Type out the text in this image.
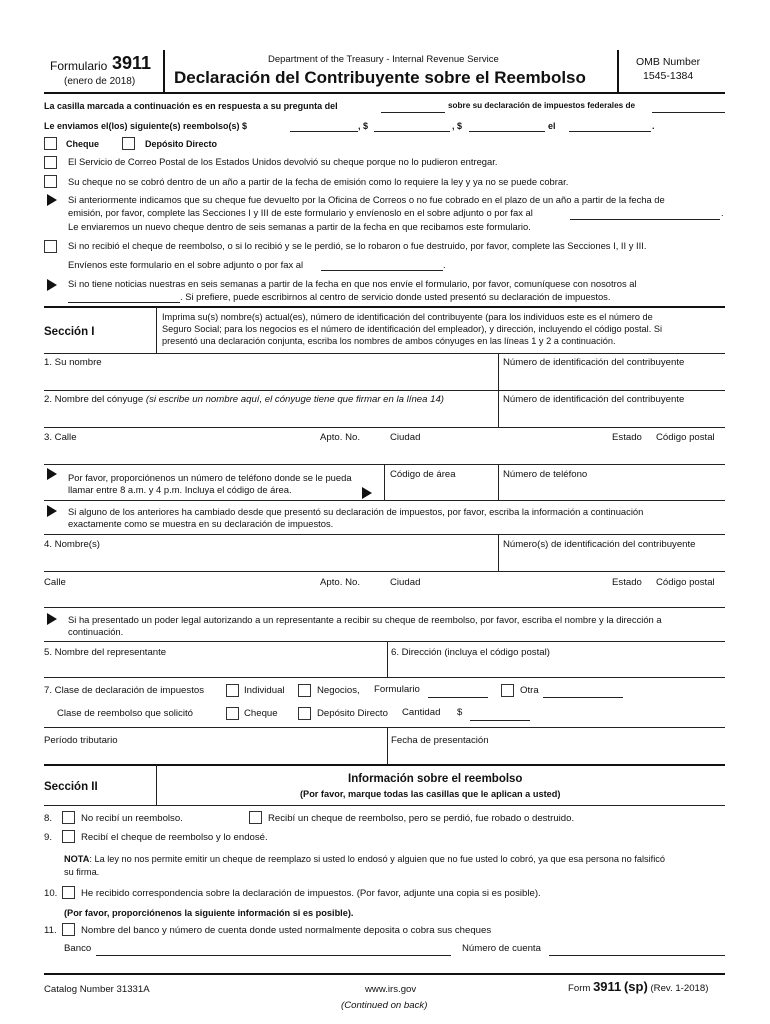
Formulario 3911
(enero de 2018)
Department of the Treasury - Internal Revenue Service
Declaración del Contribuyente sobre el Reembolso
OMB Number
1545-1384
La casilla marcada a continuación es en respuesta a su pregunta del	sobre su declaración de impuestos federales de
Le enviamos el(los) siguiente(s) reembolso(s) $	, $	, $	el	.
Cheque	Depósito Directo
El Servicio de Correo Postal de los Estados Unidos devolvió su cheque porque no lo pudieron entregar.
Su cheque no se cobró dentro de un año a partir de la fecha de emisión como lo requiere la ley y ya no se puede cobrar.
Si anteriormente indicamos que su cheque fue devuelto por la Oficina de Correos o no fue cobrado en el plazo de un año a partir de la fecha de
emisión, por favor, complete las Secciones I y III de este formulario y envíenoslo en el sobre adjunto o por fax al	.
Le enviaremos un nuevo cheque dentro de seis semanas a partir de la fecha en que recibamos este formulario.
Si no recibió el cheque de reembolso, o si lo recibió y se le perdió, se lo robaron o fue destruido, por favor, complete las Secciones I, II y III.
Envíenos este formulario en el sobre adjunto o por fax al	.
Si no tiene noticias nuestras en seis semanas a partir de la fecha en que nos envíe el formulario, por favor, comuníquese con nosotros al
. Si prefiere, puede escribirnos al centro de servicio donde usted presentó su declaración de impuestos.
Sección I
Imprima su(s) nombre(s) actual(es), número de identificación del contribuyente (para los individuos este es el número de
Seguro Social; para los negocios es el número de identificación del empleador), y dirección, incluyendo el código postal. Si
presentó una declaración conjunta, escriba los nombres de ambos cónyuges en las líneas 1 y 2 a continuación.
1. Su nombre	Número de identificación del contribuyente
2. Nombre del cónyuge (si escribe un nombre aquí, el cónyuge tiene que firmar en la línea 14)	Número de identificación del contribuyente
3. Calle	Apto. No.	Ciudad	Estado Código postal
Por favor, proporciónenos un número de teléfono donde se le pueda
llamar entre 8 a.m. y 4 p.m. Incluya el código de área.
Código de área	Número de teléfono
Si alguno de los anteriores ha cambiado desde que presentó su declaración de impuestos, por favor, escriba la información a continuación
exactamente como se muestra en su declaración de impuestos.
4. Nombre(s)	Número(s) de identificación del contribuyente
Calle	Apto. No.	Ciudad	Estado Código postal
Si ha presentado un poder legal autorizando a un representante a recibir su cheque de reembolso, por favor, escriba el nombre y la dirección a
continuación.
5. Nombre del representante	6. Dirección (incluya el código postal)
7. Clase de declaración de impuestos	Individual	Negocios, Formulario	Otra
Clase de reembolso que solicitó	Cheque	Depósito Directo Cantidad $
Período tributario	Fecha de presentación
Sección II
Información sobre el reembolso
(Por favor, marque todas las casillas que le aplican a usted)
8.	No recibí un reembolso.	Recibí un cheque de reembolso, pero se perdió, fue robado o destruido.
9.	Recibí el cheque de reembolso y lo endosé.
NOTA: La ley no nos permite emitir un cheque de reemplazo si usted lo endosó y alguien que no fue usted lo cobró, ya que esa persona no falsificó
su firma.
10. He recibido correspondencia sobre la declaración de impuestos. (Por favor, adjunte una copia si es posible).
(Por favor, proporciónenos la siguiente información si es posible).
11.	Nombre del banco y número de cuenta donde usted normalmente deposita o cobra sus cheques
Banco	Número de cuenta
Catalog Number 31331A	www.irs.gov
(Continued on back)
Form 3911 (sp) (Rev. 1-2018)
